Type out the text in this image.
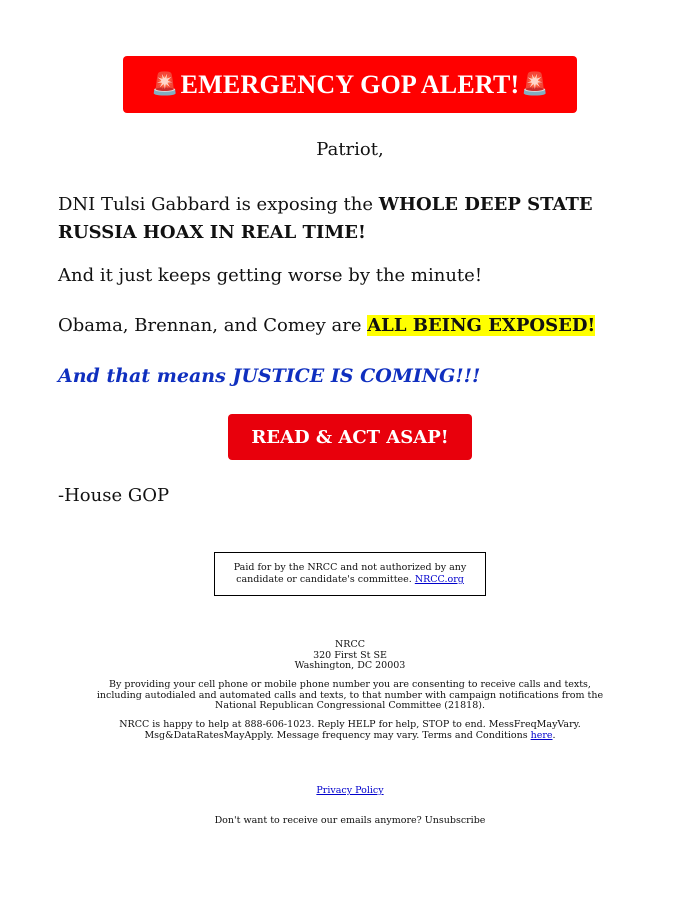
🚨 EMERGENCY GOP ALERT! 🚨
Patriot,
DNI Tulsi Gabbard is exposing the WHOLE DEEP STATE RUSSIA HOAX IN REAL TIME!
And it just keeps getting worse by the minute!
Obama, Brennan, and Comey are ALL BEING EXPOSED!
And that means JUSTICE IS COMING!!!
READ & ACT ASAP!
-House GOP
Paid for by the NRCC and not authorized by any candidate or candidate's committee. NRCC.org
NRCC
320 First St SE
Washington, DC 20003
By providing your cell phone or mobile phone number you are consenting to receive calls and texts, including autodialed and automated calls and texts, to that number with campaign notifications from the National Republican Congressional Committee (21818).
NRCC is happy to help at 888-606-1023. Reply HELP for help, STOP to end. MessFreqMayVary. Msg&DataRatesMayApply. Message frequency may vary. Terms and Conditions here.
Privacy Policy
Don't want to receive our emails anymore? Unsubscribe
